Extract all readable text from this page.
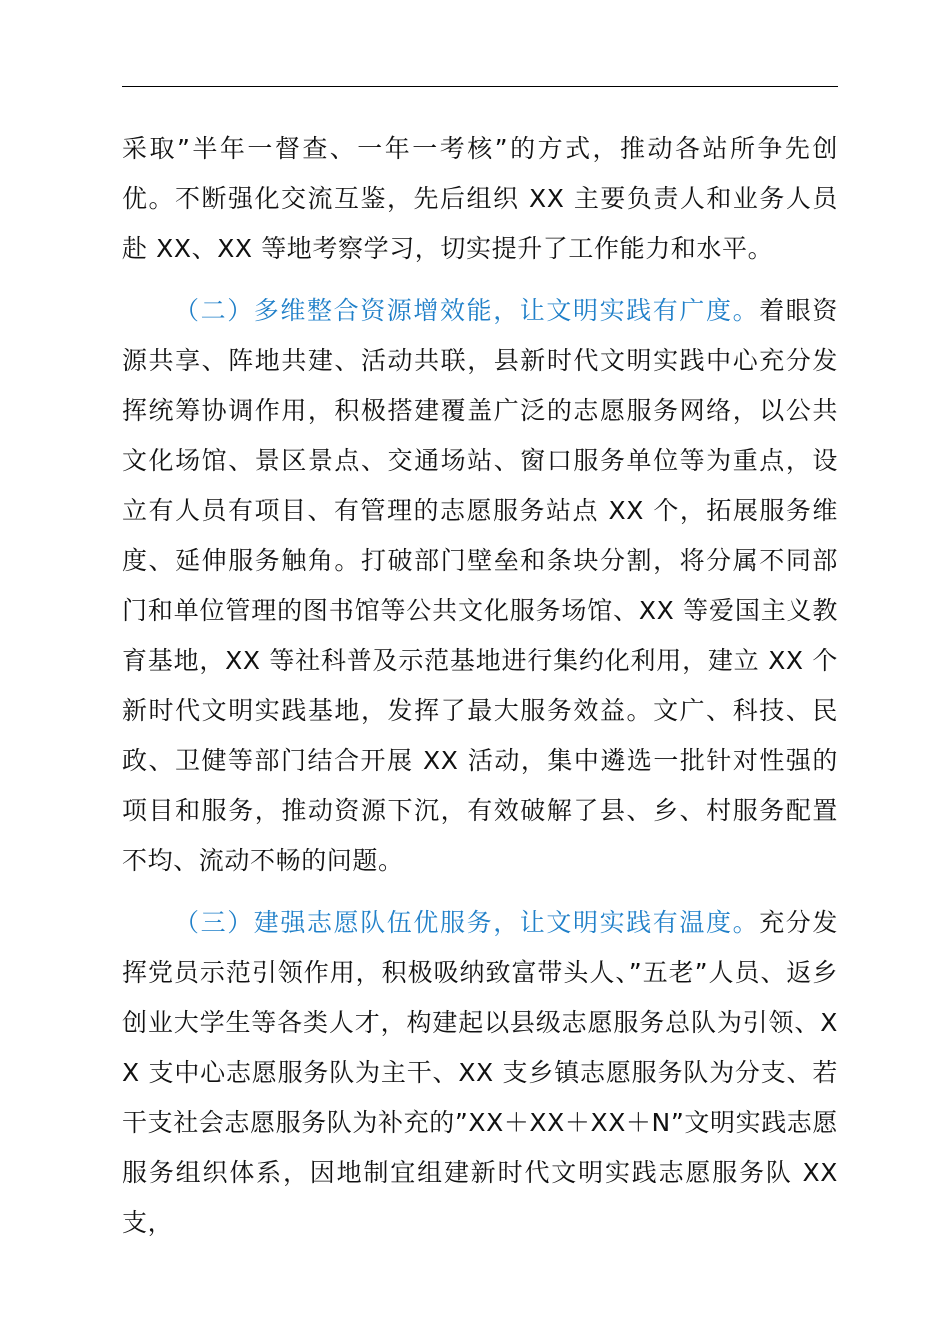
采取”半年一督查、一年一考核”的方式，推动各站所争先创优。不断强化交流互鉴，先后组织 XX 主要负责人和业务人员赴 XX、XX 等地考察学习，切实提升了工作能力和水平。

（二）多维整合资源增效能，让文明实践有广度。着眼资源共享、阵地共建、活动共联，县新时代文明实践中心充分发挥统筹协调作用，积极搭建覆盖广泛的志愿服务网络，以公共文化场馆、景区景点、交通场站、窗口服务单位等为重点，设立有人员有项目、有管理的志愿服务站点 XX 个，拓展服务维度、延伸服务触角。打破部门壁垒和条块分割，将分属不同部门和单位管理的图书馆等公共文化服务场馆、XX 等爱国主义教育基地，XX 等社科普及示范基地进行集约化利用，建立 XX 个新时代文明实践基地，发挥了最大服务效益。文广、科技、民政、卫健等部门结合开展 XX 活动，集中遴选一批针对性强的项目和服务，推动资源下沉，有效破解了县、乡、村服务配置不均、流动不畅的问题。

（三）建强志愿队伍优服务，让文明实践有温度。充分发挥党员示范引领作用，积极吸纳致富带头人、”五老”人员、返乡创业大学生等各类人才，构建起以县级志愿服务总队为引领、XX 支中心志愿服务队为主干、XX 支乡镇志愿服务队为分支、若干支社会志愿服务队为补充的”XX＋XX＋XX＋N”文明实践志愿服务组织体系，因地制宜组建新时代文明实践志愿服务队 XX 支，
